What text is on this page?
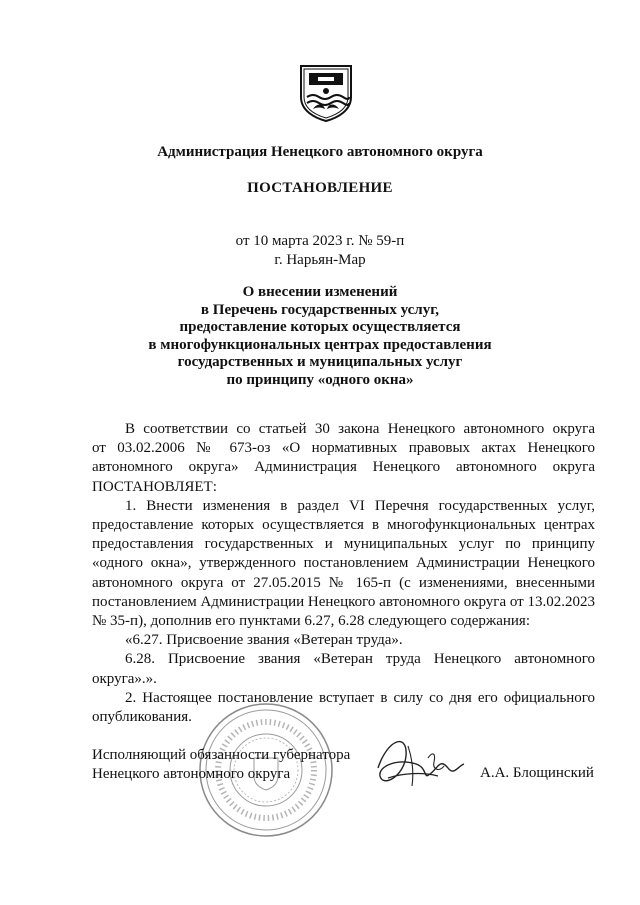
Администрация Ненецкого автономного округа
ПОСТАНОВЛЕНИЕ
от 10 марта 2023 г. № 59-п
г. Нарьян-Мар
О внесении изменений
в Перечень государственных услуг,
предоставление которых осуществляется
в многофункциональных центрах предоставления
государственных и муниципальных услуг
по принципу «одного окна»
В соответствии со статьей 30 закона Ненецкого автономного округа
от 03.02.2006 № 673-оз «О нормативных правовых актах Ненецкого
автономного округа» Администрация Ненецкого автономного округа
ПОСТАНОВЛЯЕТ:
1. Внести изменения в раздел VI Перечня государственных услуг,
предоставление которых осуществляется в многофункциональных центрах
предоставления государственных и муниципальных услуг по принципу
«одного окна», утвержденного постановлением Администрации Ненецкого
автономного округа от 27.05.2015 № 165-п (с изменениями, внесенными
постановлением Администрации Ненецкого автономного округа от 13.02.2023
№ 35-п), дополнив его пунктами 6.27, 6.28 следующего содержания:
«6.27. Присвоение звания «Ветеран труда».
6.28. Присвоение звания «Ветеран труда Ненецкого автономного
округа».».
2. Настоящее постановление вступает в силу со дня его официального
опубликования.
Исполняющий обязанности губернатора
Ненецкого автономного округа	А.А. Блощинский
